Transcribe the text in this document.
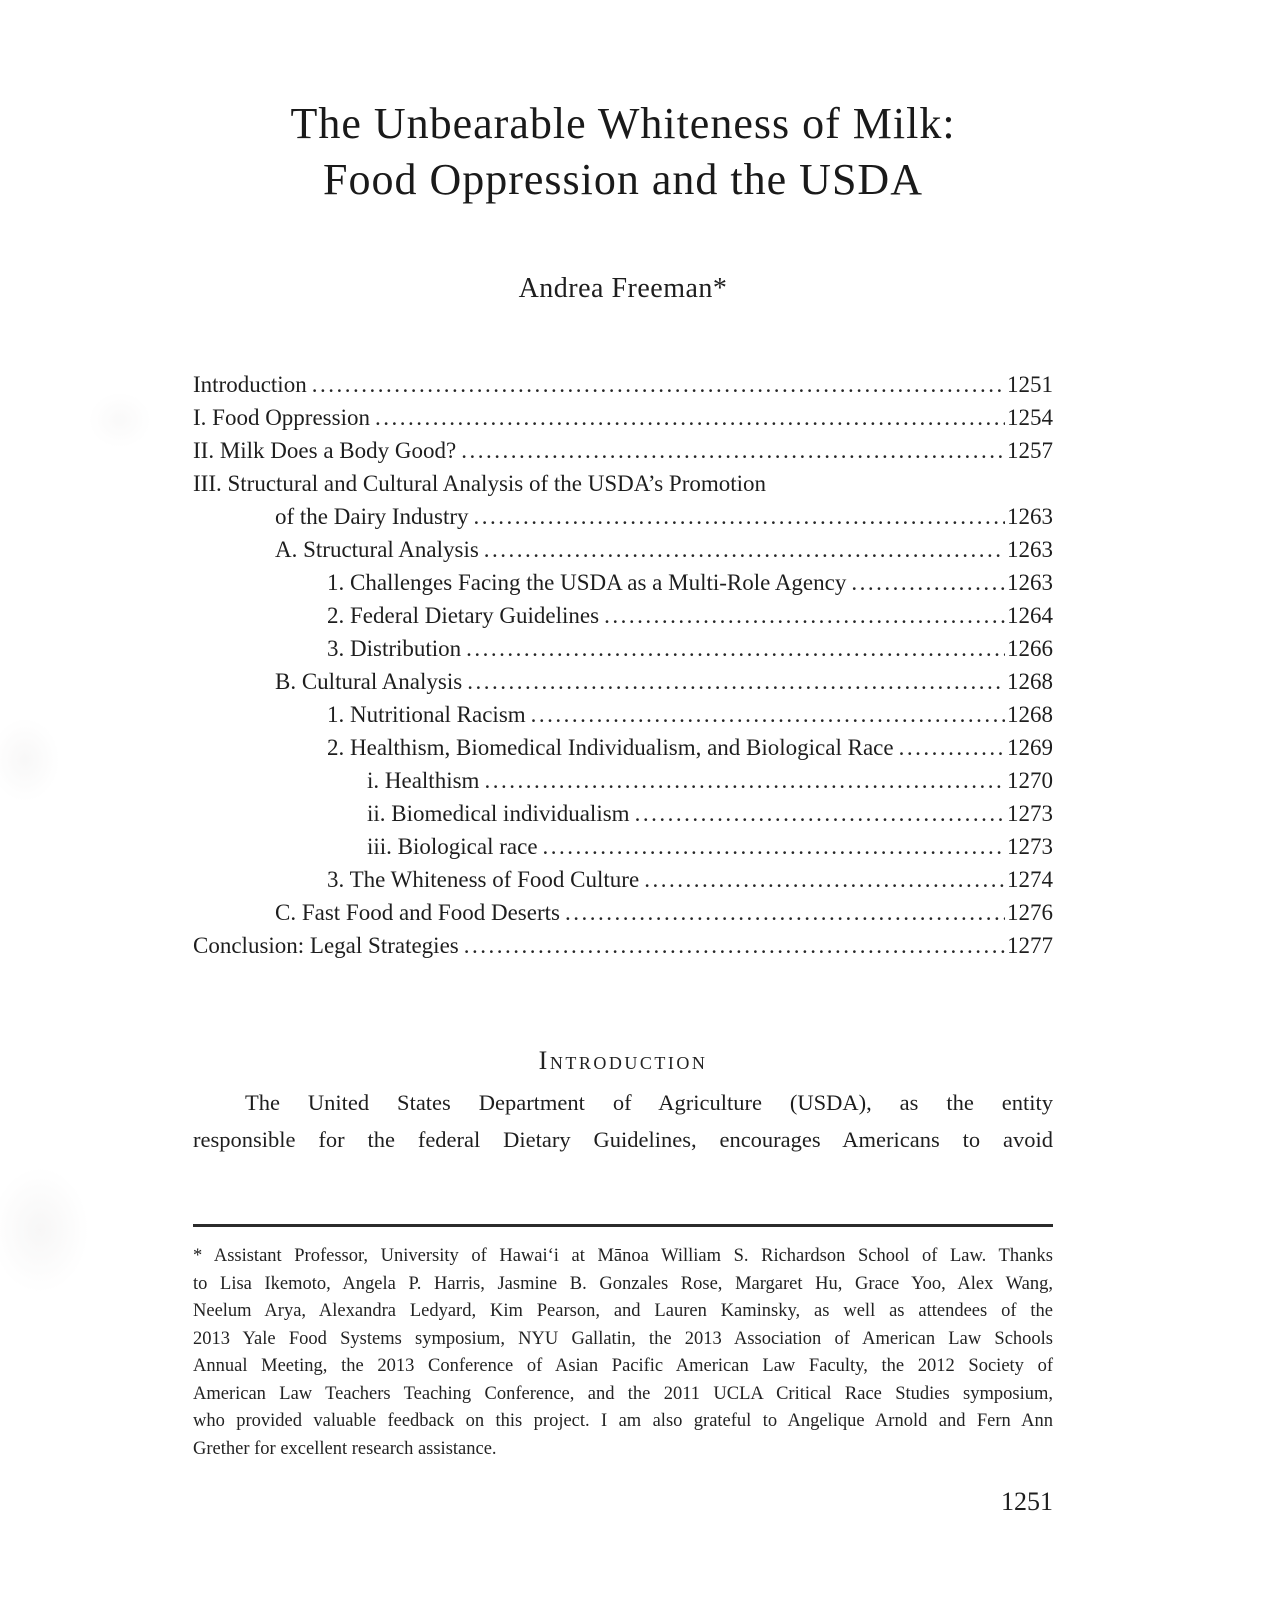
The Unbearable Whiteness of Milk:
Food Oppression and the USDA
Andrea Freeman*
Introduction .....	1251
I. Food Oppression .....	1254
II. Milk Does a Body Good? .....	1257
III. Structural and Cultural Analysis of the USDA’s Promotion
of the Dairy Industry .....	1263
A. Structural Analysis .....	1263
1. Challenges Facing the USDA as a Multi-Role Agency .....	1263
2. Federal Dietary Guidelines .....	1264
3. Distribution .....	1266
B. Cultural Analysis .....	1268
1. Nutritional Racism .....	1268
2. Healthism, Biomedical Individualism, and Biological Race .....	1269
i. Healthism .....	1270
ii. Biomedical individualism .....	1273
iii. Biological race .....	1273
3. The Whiteness of Food Culture .....	1274
C. Fast Food and Food Deserts .....	1276
Conclusion: Legal Strategies .....	1277
Introduction
The United States Department of Agriculture (USDA), as the entity
responsible for the federal Dietary Guidelines, encourages Americans to avoid
* Assistant Professor, University of Hawai‘i at Mānoa William S. Richardson School of Law. Thanks
to Lisa Ikemoto, Angela P. Harris, Jasmine B. Gonzales Rose, Margaret Hu, Grace Yoo, Alex Wang,
Neelum Arya, Alexandra Ledyard, Kim Pearson, and Lauren Kaminsky, as well as attendees of the
2013 Yale Food Systems symposium, NYU Gallatin, the 2013 Association of American Law Schools
Annual Meeting, the 2013 Conference of Asian Pacific American Law Faculty, the 2012 Society of
American Law Teachers Teaching Conference, and the 2011 UCLA Critical Race Studies symposium,
who provided valuable feedback on this project. I am also grateful to Angelique Arnold and Fern Ann
Grether for excellent research assistance.
1251
